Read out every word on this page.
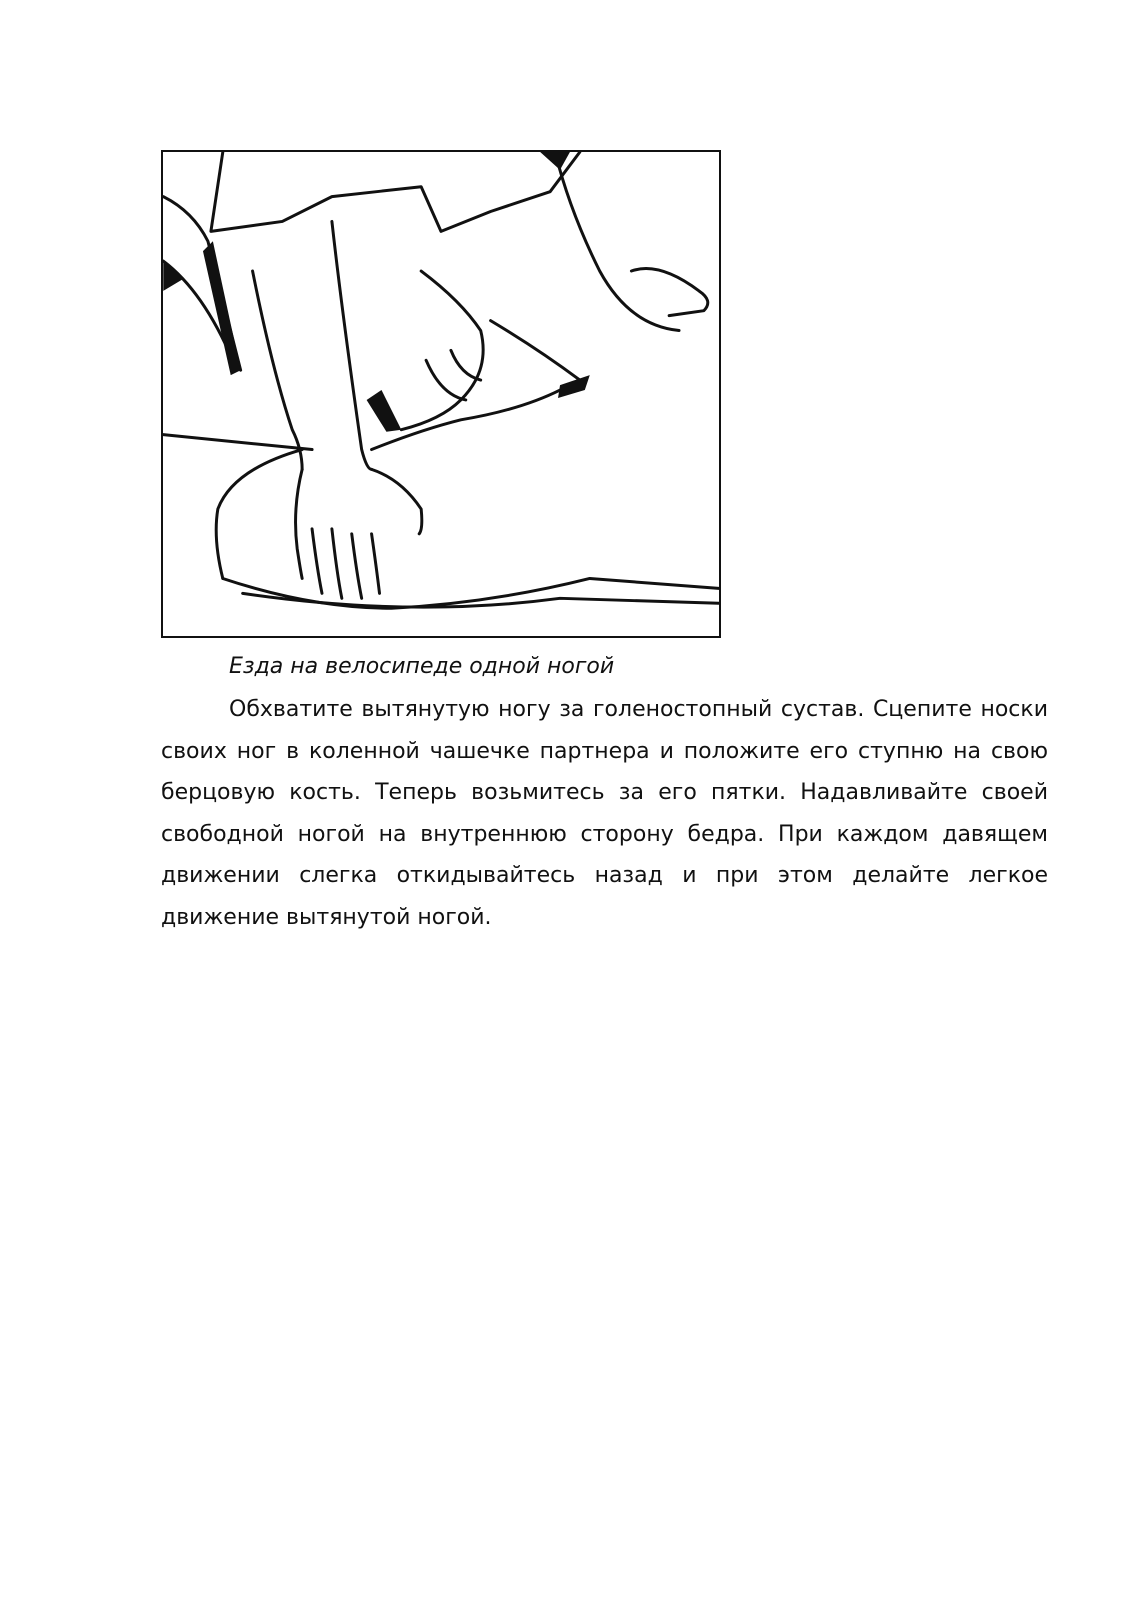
Езда на велосипеде одной ногой

Обхватите вытянутую ногу за голеностопный сустав. Сцепите носки своих ног в коленной чашечке партнера и положите его ступню на свою берцовую кость. Теперь возьмитесь за его пятки. Надавливайте своей свободной ногой на внутреннюю сторону бедра. При каждом давящем движении слегка откидывайтесь назад и при этом делайте легкое движение вытянутой ногой.
